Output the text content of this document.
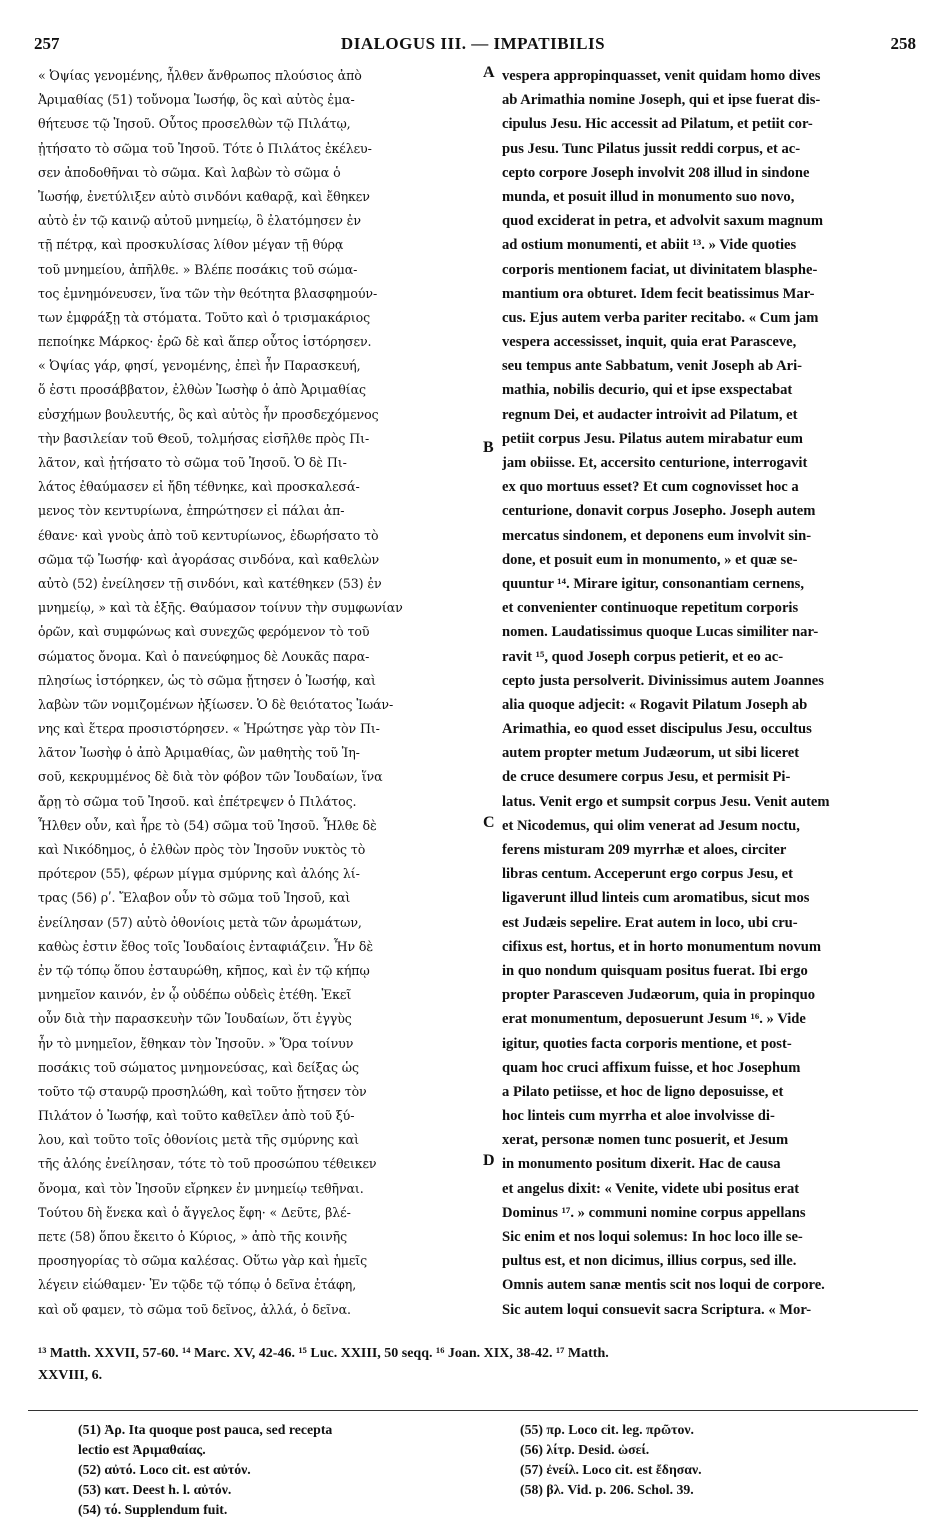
257	DIALOGUS III. — IMPATIBILIS	258
« Ὀψίας γενομένης, ἦλθεν ἄνθρωπος πλούσιος ἀπὸ
Ἀριμαθίας (51) τοὔνομα Ἰωσήφ, ὃς καὶ αὐτὸς ἐμα-
θήτευσε τῷ Ἰησοῦ. Οὗτος προσελθὼν τῷ Πιλάτῳ,
ᾐτήσατο τὸ σῶμα τοῦ Ἰησοῦ. Τότε ὁ Πιλάτος ἐκέλευ-
σεν ἀποδοθῆναι τὸ σῶμα. Καὶ λαβὼν τὸ σῶμα ὁ
Ἰωσήφ, ἐνετύλιξεν αὐτὸ σινδόνι καθαρᾷ, καὶ ἔθηκεν
αὐτὸ ἐν τῷ καινῷ αὐτοῦ μνημείῳ, ὃ ἐλατόμησεν ἐν
τῇ πέτρᾳ, καὶ προσκυλίσας λίθον μέγαν τῇ θύρᾳ
τοῦ μνημείου, ἀπῆλθε. » Βλέπε ποσάκις τοῦ σώμα-
τος ἐμνημόνευσεν, ἵνα τῶν τὴν θεότητα βλασφημούν-
των ἐμφράξῃ τὰ στόματα. Τοῦτο καὶ ὁ τρισμακάριος
πεποίηκε Μάρκος· ἐρῶ δὲ καὶ ἅπερ οὗτος ἱστόρησεν.
« Ὀψίας γάρ, φησί, γενομένης, ἐπεὶ ἦν Παρασκευή,
ὅ ἐστι προσάββατον, ἐλθὼν Ἰωσὴφ ὁ ἀπὸ Ἀριμαθίας
εὐσχήμων βουλευτής, ὃς καὶ αὐτὸς ἦν προσδεχόμενος
τὴν βασιλείαν τοῦ Θεοῦ, τολμήσας εἰσῆλθε πρὸς Πι-
λᾶτον, καὶ ᾐτήσατο τὸ σῶμα τοῦ Ἰησοῦ. Ὁ δὲ Πι-
λάτος ἐθαύμασεν εἰ ἤδη τέθνηκε, καὶ προσκαλεσά-
μενος τὸν κεντυρίωνα, ἐπηρώτησεν εἰ πάλαι ἀπ-
έθανε· καὶ γνοὺς ἀπὸ τοῦ κεντυρίωνος, ἐδωρήσατο τὸ
σῶμα τῷ Ἰωσήφ· καὶ ἀγοράσας σινδόνα, καὶ καθελὼν
αὐτὸ (52) ἐνείλησεν τῇ σινδόνι, καὶ κατέθηκεν (53) ἐν
μνημείῳ, » καὶ τὰ ἑξῆς. Θαύμασον τοίνυν τὴν συμφωνίαν
ὁρῶν, καὶ συμφώνως καὶ συνεχῶς φερόμενον τὸ τοῦ
σώματος ὄνομα. Καὶ ὁ πανεύφημος δὲ Λουκᾶς παρα-
πλησίως ἱστόρηκεν, ὡς τὸ σῶμα ᾔτησεν ὁ Ἰωσήφ, καὶ
λαβὼν τῶν νομιζομένων ἠξίωσεν. Ὁ δὲ θειότατος Ἰωάν-
νης καὶ ἕτερα προσιστόρησεν. « Ἠρώτησε γὰρ τὸν Πι-
λᾶτον Ἰωσὴφ ὁ ἀπὸ Ἀριμαθίας, ὢν μαθητὴς τοῦ Ἰη-
σοῦ, κεκρυμμένος δὲ διὰ τὸν φόβον τῶν Ἰουδαίων, ἵνα
ἄρῃ τὸ σῶμα τοῦ Ἰησοῦ. καὶ ἐπέτρεψεν ὁ Πιλάτος.
Ἦλθεν οὖν, καὶ ἦρε τὸ (54) σῶμα τοῦ Ἰησοῦ. Ἦλθε δὲ
καὶ Νικόδημος, ὁ ἐλθὼν πρὸς τὸν Ἰησοῦν νυκτὸς τὸ
πρότερον (55), φέρων μίγμα σμύρνης καὶ ἀλόης λί-
τρας (56) ρʹ. Ἔλαβον οὖν τὸ σῶμα τοῦ Ἰησοῦ, καὶ
ἐνείλησαν (57) αὐτὸ ὀθονίοις μετὰ τῶν ἀρωμάτων,
καθὼς ἐστιν ἔθος τοῖς Ἰουδαίοις ἐνταφιάζειν. Ἦν δὲ
ἐν τῷ τόπῳ ὅπου ἐσταυρώθη, κῆπος, καὶ ἐν τῷ κήπῳ
μνημεῖον καινόν, ἐν ᾧ οὐδέπω οὐδεὶς ἐτέθη. Ἐκεῖ
οὖν διὰ τὴν παρασκευὴν τῶν Ἰουδαίων, ὅτι ἐγγὺς
ἦν τὸ μνημεῖον, ἔθηκαν τὸν Ἰησοῦν. » Ὅρα τοίνυν
ποσάκις τοῦ σώματος μνημονεύσας, καὶ δείξας ὡς
τοῦτο τῷ σταυρῷ προσηλώθη, καὶ τοῦτο ᾔτησεν τὸν
Πιλάτον ὁ Ἰωσήφ, καὶ τοῦτο καθεῖλεν ἀπὸ τοῦ ξύ-
λου, καὶ τοῦτο τοῖς ὀθονίοις μετὰ τῆς σμύρνης καὶ
τῆς ἀλόης ἐνείλησαν, τότε τὸ τοῦ προσώπου τέθεικεν
ὄνομα, καὶ τὸν Ἰησοῦν εἴρηκεν ἐν μνημείῳ τεθῆναι.
Τούτου δὴ ἕνεκα καὶ ὁ ἄγγελος ἔφη· « Δεῦτε, βλέ-
πετε (58) ὅπου ἔκειτο ὁ Κύριος, » ἀπὸ τῆς κοινῆς
προσηγορίας τὸ σῶμα καλέσας. Οὕτω γὰρ καὶ ἡμεῖς
λέγειν εἰώθαμεν· Ἐν τῷδε τῷ τόπῳ ὁ δεῖνα ἐτάφη,
καὶ οὔ φαμεν, τὸ σῶμα τοῦ δεῖνος, ἀλλά, ὁ δεῖνα.
vespera appropinquasset, venit quidam homo dives
ab Arimathia nomine Joseph, qui et ipse fuerat dis-
cipulus Jesu. Hic accessit ad Pilatum, et petiit cor-
pus Jesu. Tunc Pilatus jussit reddi corpus, et ac-
cepto corpore Joseph involvit 208 illud in sindone
munda, et posuit illud in monumento suo novo,
quod exciderat in petra, et advolvit saxum magnum
ad ostium monumenti, et abiit ¹³. » Vide quoties
corporis mentionem faciat, ut divinitatem blasphe-
mantium ora obturet. Idem fecit beatissimus Mar-
cus. Ejus autem verba pariter recitabo. « Cum jam
vespera accessisset, inquit, quia erat Parasceve,
seu tempus ante Sabbatum, venit Joseph ab Ari-
mathia, nobilis decurio, qui et ipse exspectabat
regnum Dei, et audacter introivit ad Pilatum, et
petiit corpus Jesu. Pilatus autem mirabatur eum
jam obiisse. Et, accersito centurione, interrogavit
ex quo mortuus esset? Et cum cognovisset hoc a
centurione, donavit corpus Josepho. Joseph autem
mercatus sindonem, et deponens eum involvit sin-
done, et posuit eum in monumento, » et quæ se-
quuntur ¹⁴. Mirare igitur, consonantiam cernens,
et convenienter continuoque repetitum corporis
nomen. Laudatissimus quoque Lucas similiter nar-
ravit ¹⁵, quod Joseph corpus petierit, et eo ac-
cepto justa persolverit. Divinissimus autem Joannes
alia quoque adjecit: « Rogavit Pilatum Joseph ab
Arimathia, eo quod esset discipulus Jesu, occultus
autem propter metum Judæorum, ut sibi liceret
de cruce desumere corpus Jesu, et permisit Pi-
latus. Venit ergo et sumpsit corpus Jesu. Venit autem
et Nicodemus, qui olim venerat ad Jesum noctu,
ferens misturam 209 myrrhæ et aloes, circiter
libras centum. Acceperunt ergo corpus Jesu, et
ligaverunt illud linteis cum aromatibus, sicut mos
est Judæis sepelire. Erat autem in loco, ubi cru-
cifixus est, hortus, et in horto monumentum novum
in quo nondum quisquam positus fuerat. Ibi ergo
propter Parasceven Judæorum, quia in propinquo
erat monumentum, deposuerunt Jesum ¹⁶. » Vide
igitur, quoties facta corporis mentione, et post-
quam hoc cruci affixum fuisse, et hoc Josephum
a Pilato petiisse, et hoc de ligno deposuisse, et
hoc linteis cum myrrha et aloe involvisse di-
xerat, personæ nomen tunc posuerit, et Jesum
in monumento positum dixerit. Hac de causa
et angelus dixit: « Venite, videte ubi positus erat
Dominus ¹⁷. » communi nomine corpus appellans
Sic enim et nos loqui solemus: In hoc loco ille se-
pultus est, et non dicimus, illius corpus, sed ille.
Omnis autem sanæ mentis scit nos loqui de corpore.
Sic autem loqui consuevit sacra Scriptura. « Mor-
A
B
C
D
¹³ Matth. XXVII, 57-60. ¹⁴ Marc. XV, 42-46. ¹⁵ Luc. XXIII, 50 seqq. ¹⁶ Joan. XIX, 38-42. ¹⁷ Matth.
XXVIII, 6.
(51) Ἀρ. Ita quoque post pauca, sed recepta
lectio est Ἀριμαθαίας.
(52) αὐτό. Loco cit. est αὐτόν.
(53) κατ. Deest h. l. αὐτόν.
(54) τό. Supplendum fuit.
(55) πρ. Loco cit. leg. πρῶτον.
(56) λίτρ. Desid. ὡσεί.
(57) ἐνείλ. Loco cit. est ἔδησαν.
(58) βλ. Vid. p. 206. Schol. 39.
